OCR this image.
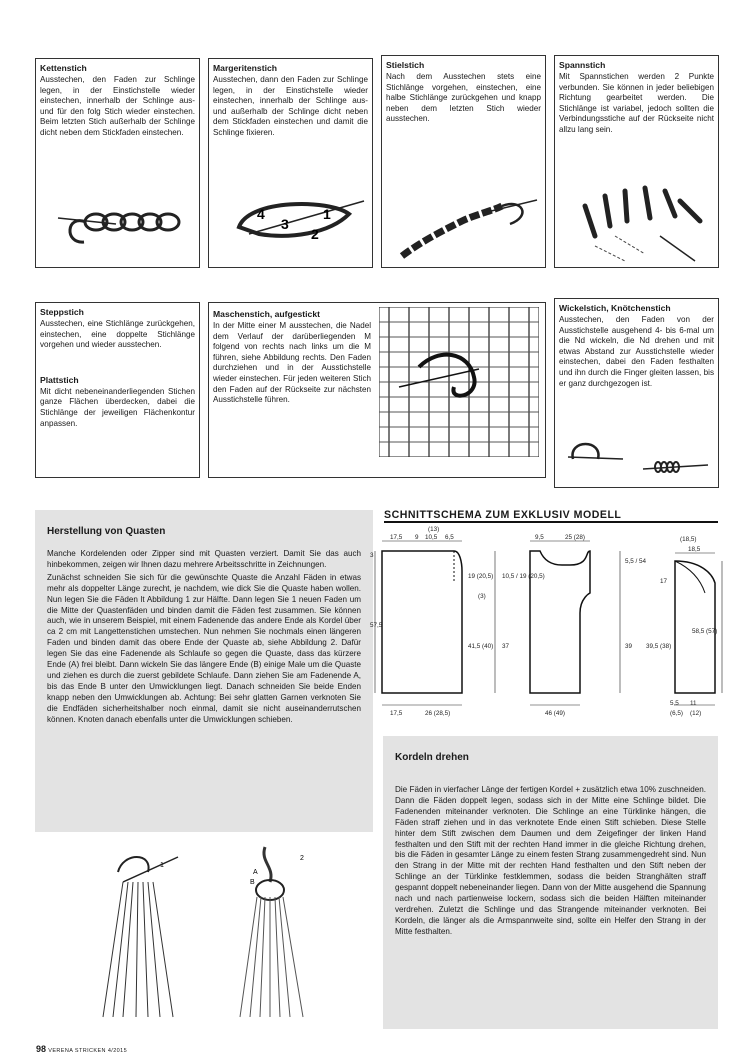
Kettenstich

Ausstechen, den Faden zur Schlinge legen, in der Einstichstelle wieder einstechen, innerhalb der Schlinge aus- und für den folg Stich wieder einstechen. Beim letzten Stich außerhalb der Schlinge dicht neben dem Stickfaden einstechen.

Margeritenstich

Ausstechen, dann den Faden zur Schlinge legen, in der Einstichstelle wieder einstechen, innerhalb der Schlinge aus- und außerhalb der Schlinge dicht neben dem Stickfaden einstechen und damit die Schlinge fixieren.

4
3
2
1
Stielstich

Nach dem Ausstechen stets eine Stichlänge vorgehen, einstechen, eine halbe Stichlänge zurückgehen und knapp neben dem letzten Stich wieder ausstechen.

Spannstich

Mit Spannstichen werden 2 Punkte verbunden. Sie können in jeder beliebigen Richtung gearbeitet werden. Die Stichlänge ist variabel, jedoch sollten die Verbindungsstiche auf der Rückseite nicht allzu lang sein.

Steppstich

Ausstechen, eine Stichlänge zurückgehen, einstechen, eine doppelte Stichlänge vorgehen und wieder ausstechen.

Plattstich

Mit dicht nebeneinanderliegenden Stichen ganze Flächen überdecken, dabei die Stichlänge der jeweiligen Flächenkontur anpassen.

Maschenstich, aufgestickt

In der Mitte einer M ausstechen, die Nadel dem Verlauf der darüberliegenden M folgend von rechts nach links um die M führen, siehe Abbildung rechts. Den Faden durchziehen und in der Ausstichstelle wieder einstechen. Für jeden weiteren Stich den Faden auf der Rückseite zur nächsten Ausstichstelle führen.

Wickelstich, Knötchenstich

Ausstechen, den Faden von der Ausstichstelle ausgehend 4- bis 6-mal um die Nd wickeln, die Nd drehen und mit etwas Abstand zur Ausstichstelle wieder einstechen, dabei den Faden festhalten und ihn durch die Finger gleiten lassen, bis er ganz durchgezogen ist.

Herstellung von Quasten

Manche Kordelenden oder Zipper sind mit Quasten verziert. Damit Sie das auch hinbekommen, zeigen wir Ihnen dazu mehrere Arbeitsschritte in Zeichnungen.

Zunächst schneiden Sie sich für die gewünschte Quaste die Anzahl Fäden in etwas mehr als doppelter Länge zurecht, je nachdem, wie dick Sie die Quaste haben wollen. Nun legen Sie die Fäden lt Abbildung 1 zur Hälfte. Dann legen Sie 1 neuen Faden um die Mitte der Quastenfäden und binden damit die Fäden fest zusammen. Sie können auch, wie in unserem Beispiel, mit einem Fadenende das andere Ende als Kordel über ca 2 cm mit Langettenstichen umstechen. Nun nehmen Sie nochmals einen längeren Faden und binden damit das obere Ende der Quaste ab, siehe Abbildung 2. Dafür legen Sie das eine Fadenende als Schlaufe so gegen die Quaste, dass das kürzere Ende (A) frei bleibt. Dann wickeln Sie das längere Ende (B) einige Male um die Quaste und ziehen es durch die zuerst gebildete Schlaufe. Dann ziehen Sie am Fadenende A, bis das Ende B unter den Umwicklungen liegt. Danach schneiden Sie beide Enden knapp neben den Umwicklungen ab. Achtung: Bei sehr glatten Garnen verknoten Sie die Endfäden sicherheitshalber noch einmal, damit sie nicht auseinanderrutschen können. Knoten danach ebenfalls unter die Umwicklungen schieben.

1
2
A
B
SCHNITTSCHEMA ZUM EXKLUSIV MODELL
17,5 9 10,5 6,5
(13)
3
57,5
19 (20,5)
(3)
41,5 (40)
17,5	26 (28,5)
9,5	25 (28)
10,5 / 19 (20,5)
37
46 (49)
(18,5)
18,5
5,5 / 54
17
39 39,5 (38)
58,5 (57)
5,5 11
(6,5) (12)
Kordeln drehen

Die Fäden in vierfacher Länge der fertigen Kordel + zusätzlich etwa 10% zuschneiden. Dann die Fäden doppelt legen, sodass sich in der Mitte eine Schlinge bildet. Die Fadenenden miteinander verknoten. Die Schlinge an eine Türklinke hängen, die Fäden straff ziehen und in das verknotete Ende einen Stift schieben. Diese Stelle hinter dem Stift zwischen dem Daumen und dem Zeigefinger der linken Hand festhalten und den Stift mit der rechten Hand immer in die gleiche Richtung drehen, bis die Fäden in gesamter Länge zu einem festen Strang zusammengedreht sind. Nun den Strang in der Mitte mit der rechten Hand festhalten und den Stift neben der Schlinge an der Türklinke festklemmen, sodass die beiden Stranghälten straff gespannt doppelt nebeneinander liegen. Dann von der Mitte ausgehend die Spannung nach und nach partienweise lockern, sodass sich die beiden Hälften miteinander verdrehen. Zuletzt die Schlinge und das Strangende miteinander verknoten. Bei Kordeln, die länger als die Armspannweite sind, sollte ein Helfer den Strang in der Mitte festhalten.

98 VERENA STRICKEN 4/2015
